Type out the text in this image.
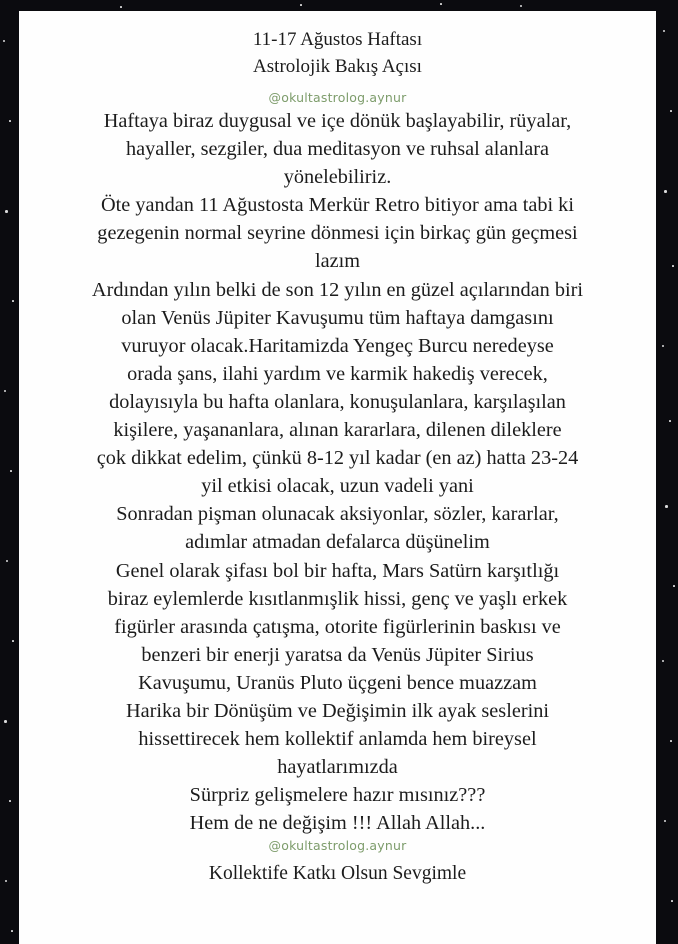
11-17 Ağustos Haftası
Astrolojik Bakış Açısı
@okultastrolog.aynur
Haftaya biraz duygusal ve içe dönük başlayabilir, rüyalar,
hayaller, sezgiler, dua meditasyon ve ruhsal alanlara
yönelebiliriz.
Öte yandan 11 Ağustosta Merkür Retro bitiyor ama tabi ki
gezegenin normal seyrine dönmesi için birkaç gün geçmesi
lazım
Ardından yılın belki de son 12 yılın en güzel açılarından biri
olan Venüs Jüpiter Kavuşumu tüm haftaya damgasını
vuruyor olacak.Haritamizda Yengeç Burcu neredeyse
orada şans, ilahi yardım ve karmik hakediş verecek,
dolayısıyla bu hafta olanlara, konuşulanlara, karşılaşılan
kişilere, yaşananlara, alınan kararlara, dilenen dileklere
çok dikkat edelim, çünkü 8-12 yıl kadar (en az) hatta 23-24
yil etkisi olacak, uzun vadeli yani
Sonradan pişman olunacak aksiyonlar, sözler, kararlar,
adımlar atmadan defalarca düşünelim
Genel olarak şifası bol bir hafta, Mars Satürn karşıtlığı
biraz eylemlerde kısıtlanmışlik hissi, genç ve yaşlı erkek
figürler arasında çatışma, otorite figürlerinin baskısı ve
benzeri bir enerji yaratsa da Venüs Jüpiter Sirius
Kavuşumu, Uranüs Pluto üçgeni bence muazzam
Harika bir Dönüşüm ve Değişimin ilk ayak seslerini
hissettirecek hem kollektif anlamda hem bireysel
hayatlarımızda
Sürpriz gelişmelere hazır mısınız???
Hem de ne değişim !!! Allah Allah...
@okultastrolog.aynur
Kollektife Katkı Olsun Sevgimle
